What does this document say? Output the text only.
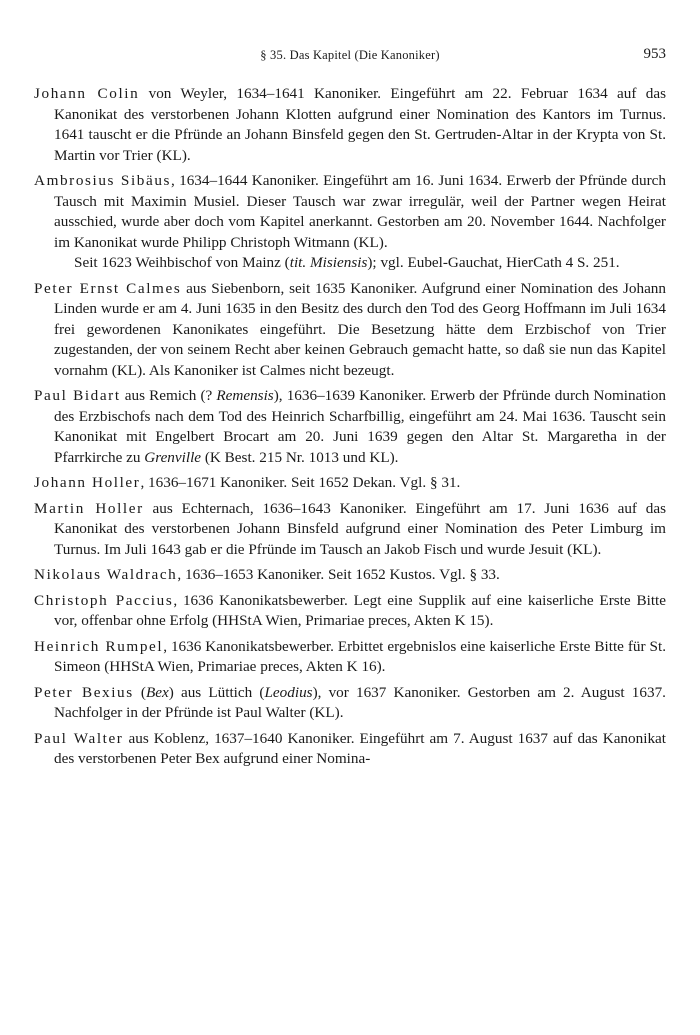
§ 35. Das Kapitel (Die Kanoniker)	953

Johann Colin von Weyler, 1634–1641 Kanoniker. Eingeführt am 22. Februar 1634 auf das Kanonikat des verstorbenen Johann Klotten aufgrund einer Nomination des Kantors im Turnus. 1641 tauscht er die Pfründe an Johann Binsfeld gegen den St. Gertruden-Altar in der Krypta von St. Martin vor Trier (KL).

Ambrosius Sibäus, 1634–1644 Kanoniker. Eingeführt am 16. Juni 1634. Erwerb der Pfründe durch Tausch mit Maximin Musiel. Dieser Tausch war zwar irregulär, weil der Partner wegen Heirat ausschied, wurde aber doch vom Kapitel anerkannt. Gestorben am 20. November 1644. Nachfolger im Kanonikat wurde Philipp Christoph Witmann (KL).
Seit 1623 Weihbischof von Mainz (tit. Misiensis); vgl. Eubel-Gauchat, HierCath 4 S. 251.

Peter Ernst Calmes aus Siebenborn, seit 1635 Kanoniker. Aufgrund einer Nomination des Johann Linden wurde er am 4. Juni 1635 in den Besitz des durch den Tod des Georg Hoffmann im Juli 1634 frei gewordenen Kanonikates eingeführt. Die Besetzung hätte dem Erzbischof von Trier zugestanden, der von seinem Recht aber keinen Gebrauch gemacht hatte, so daß sie nun das Kapitel vornahm (KL). Als Kanoniker ist Calmes nicht bezeugt.

Paul Bidart aus Remich (? Remensis), 1636–1639 Kanoniker. Erwerb der Pfründe durch Nomination des Erzbischofs nach dem Tod des Heinrich Scharfbillig, eingeführt am 24. Mai 1636. Tauscht sein Kanonikat mit Engelbert Brocart am 20. Juni 1639 gegen den Altar St. Margaretha in der Pfarrkirche zu Grenville (K Best. 215 Nr. 1013 und KL).

Johann Holler, 1636–1671 Kanoniker. Seit 1652 Dekan. Vgl. § 31.

Martin Holler aus Echternach, 1636–1643 Kanoniker. Eingeführt am 17. Juni 1636 auf das Kanonikat des verstorbenen Johann Binsfeld aufgrund einer Nomination des Peter Limburg im Turnus. Im Juli 1643 gab er die Pfründe im Tausch an Jakob Fisch und wurde Jesuit (KL).

Nikolaus Waldrach, 1636–1653 Kanoniker. Seit 1652 Kustos. Vgl. § 33.

Christoph Paccius, 1636 Kanonikatsbewerber. Legt eine Supplik auf eine kaiserliche Erste Bitte vor, offenbar ohne Erfolg (HHStA Wien, Primariae preces, Akten K 15).

Heinrich Rumpel, 1636 Kanonikatsbewerber. Erbittet ergebnislos eine kaiserliche Erste Bitte für St. Simeon (HHStA Wien, Primariae preces, Akten K 16).

Peter Bexius (Bex) aus Lüttich (Leodius), vor 1637 Kanoniker. Gestorben am 2. August 1637. Nachfolger in der Pfründe ist Paul Walter (KL).

Paul Walter aus Koblenz, 1637–1640 Kanoniker. Eingeführt am 7. August 1637 auf das Kanonikat des verstorbenen Peter Bex aufgrund einer Nomina-
